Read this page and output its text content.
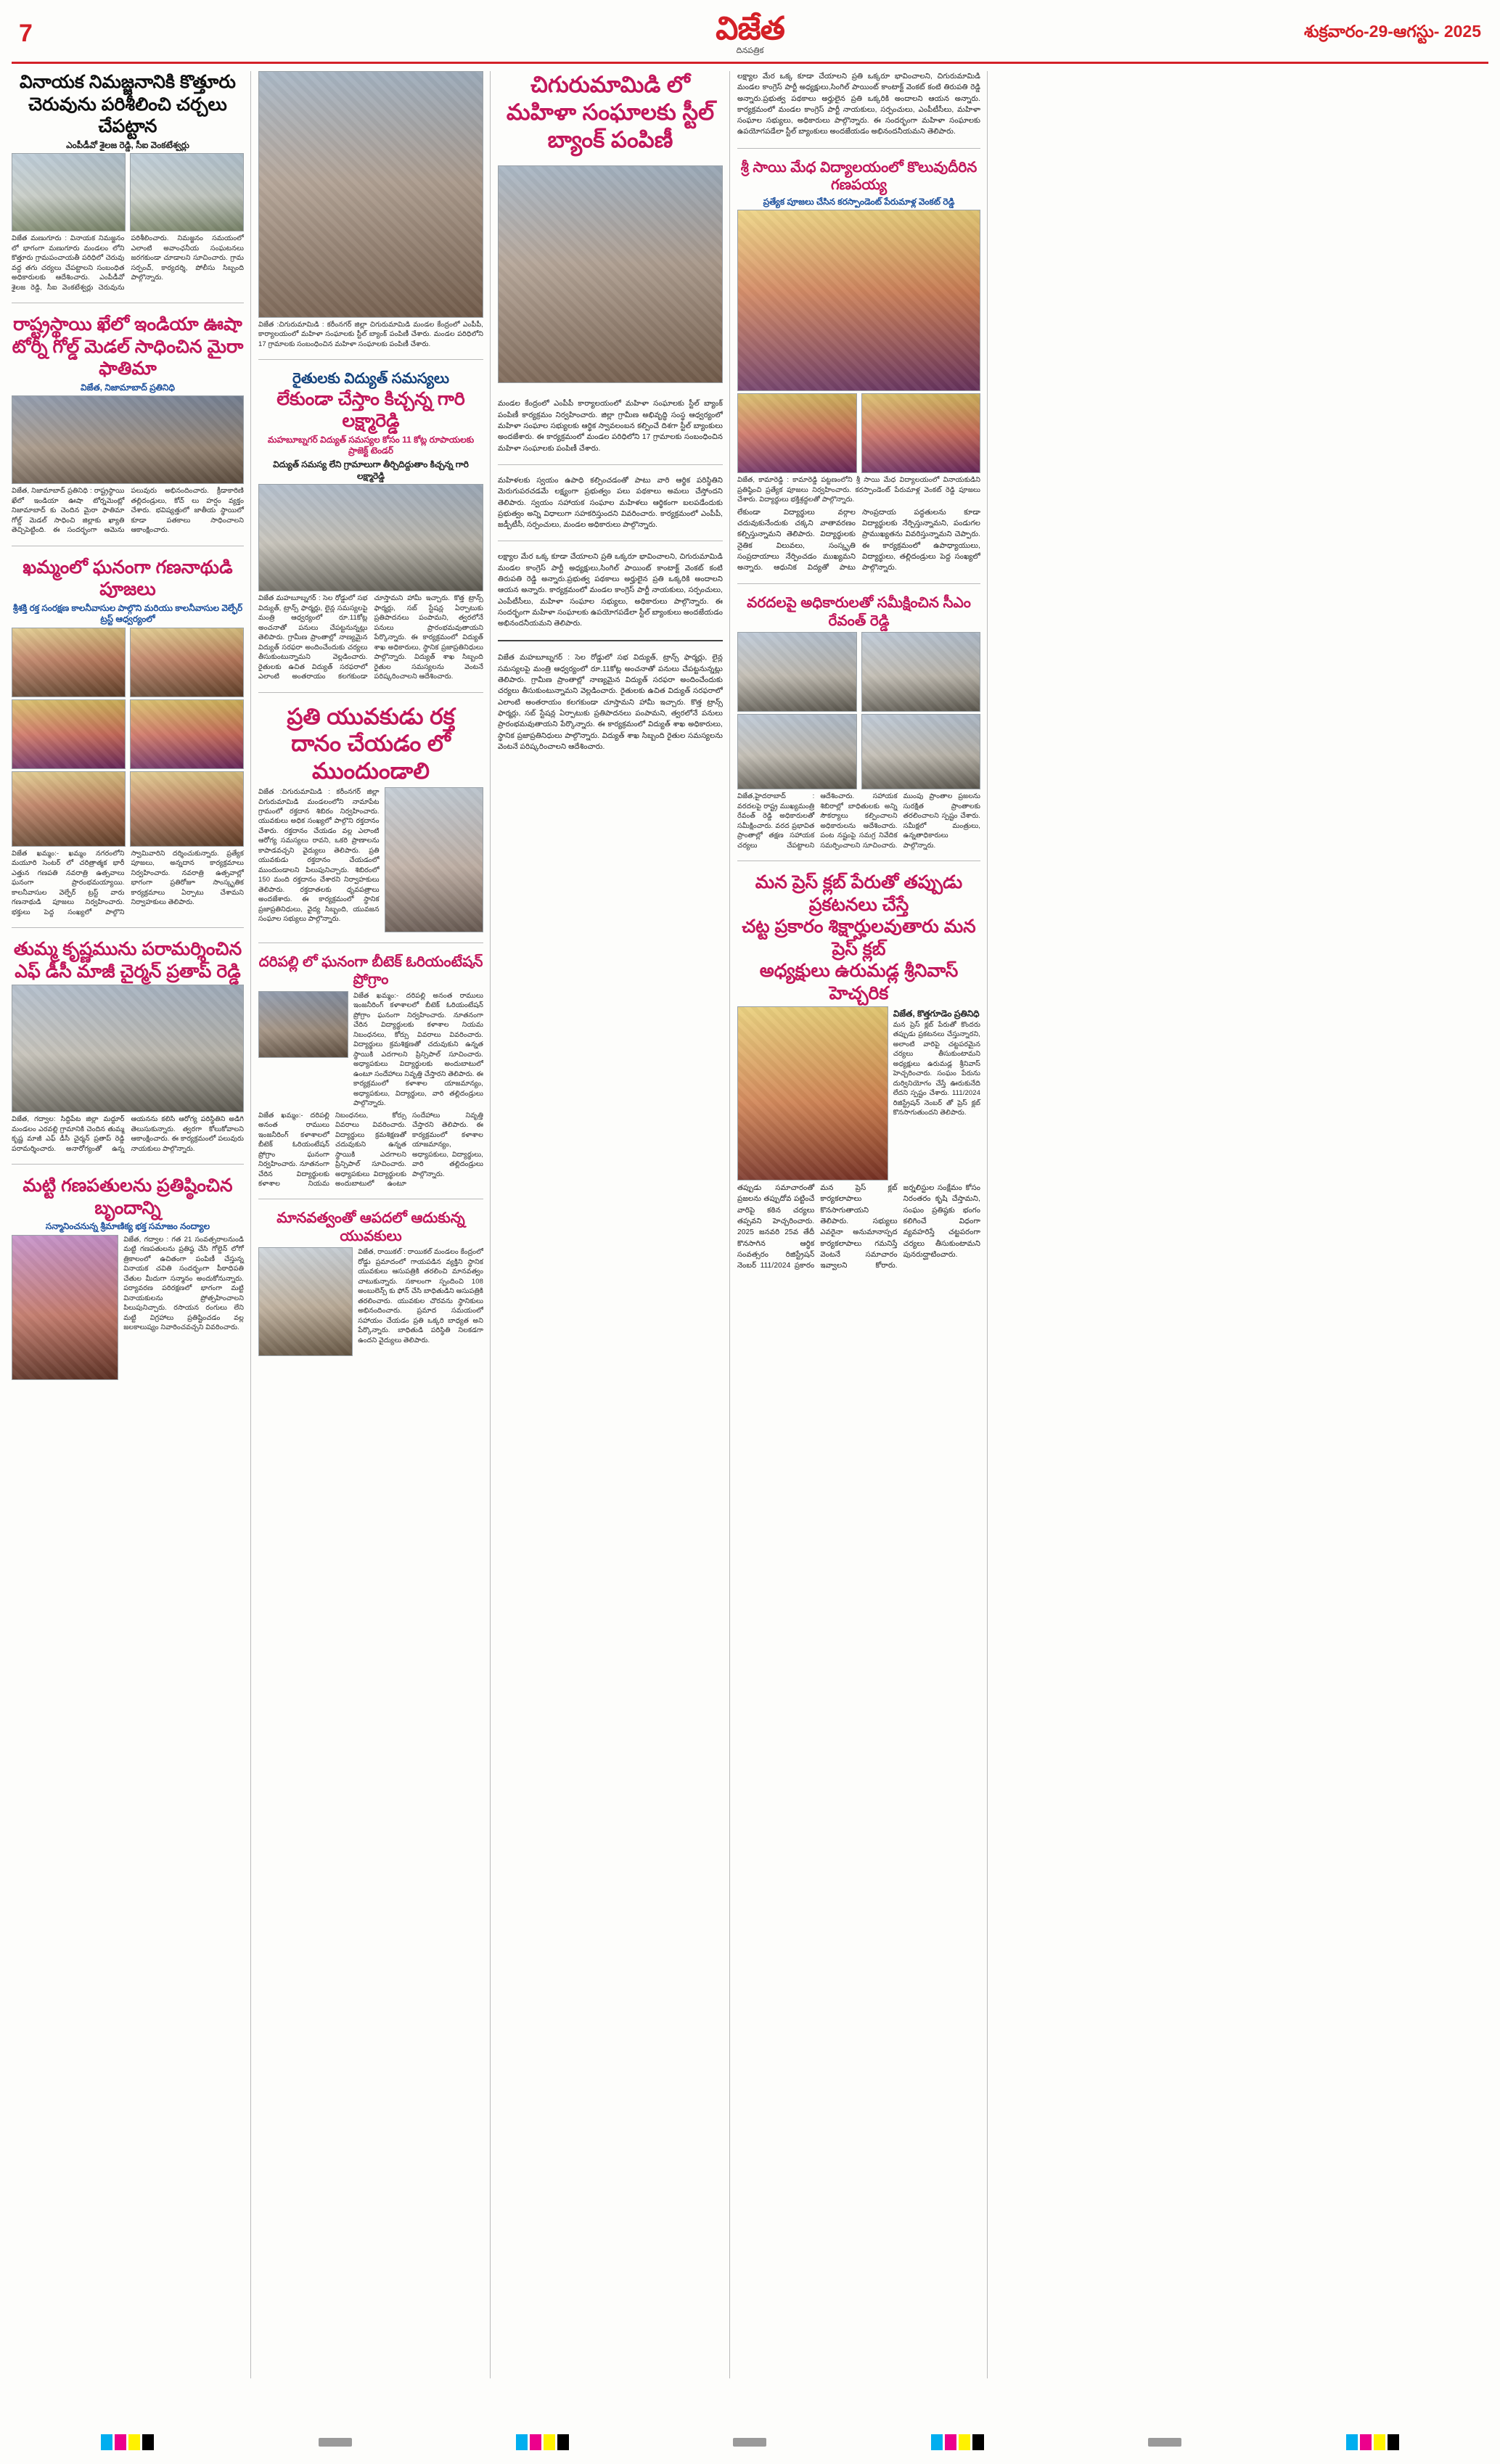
7	విజేత
దినపత్రిక
శుక్రవారం-29-ఆగస్టు- 2025
వినాయక నిమజ్జనానికి కొత్తూరు
చెరువును పరిశీలించి చర్చలు చేపట్టాన
ఎంపీడీవో శైలజ రెడ్డి, సీఐ వెంకటేశ్వర్లు
విజేత మణుగూరు : వినాయక నిమజ్జనం లో భాగంగా మణుగూరు మండలం లోని కొత్తూరు గ్రామపంచాయతీ పరిధిలో చెరువు వద్ద తగు చర్యలు చేపట్టాలని సంబంధిత అధికారులకు ఆదేశించారు. ఎంపీడీవో శైలజ రెడ్డి, సీఐ వెంకటేశ్వర్లు చెరువును పరిశీలించారు. నిమజ్జనం సమయంలో ఎలాంటి అవాంఛనీయ సంఘటనలు జరగకుండా చూడాలని సూచించారు. గ్రామ సర్పంచ్, కార్యదర్శి, పోలీసు సిబ్బంది పాల్గొన్నారు.
రాష్ట్రస్థాయి ఖేలో ఇండియా ఊషా
టోర్నీ గోల్డ్ మెడల్ సాధించిన మైరా ఫాతిమా
విజేత, నిజామాబాద్ ప్రతినిధి
విజేత, నిజామాబాద్ ప్రతినిధి : రాష్ట్రస్థాయి ఖేలో ఇండియా ఊషా టోర్నమెంట్లో నిజామాబాద్ కు చెందిన మైరా ఫాతిమా గోల్డ్ మెడల్ సాధించి జిల్లాకు ఖ్యాతి తెచ్చిపెట్టింది. ఈ సందర్భంగా ఆమెను పలువురు అభినందించారు. క్రీడాకారిణి తల్లిదండ్రులు, కోచ్ లు హర్షం వ్యక్తం చేశారు. భవిష్యత్తులో జాతీయ స్థాయిలో కూడా పతకాలు సాధించాలని ఆకాంక్షించారు.
ఖమ్మంలో ఘనంగా గణనాథుడి పూజలు
శ్రీశక్తి రక్త సంరక్షణ కాలనీవాసుల పాల్గొని మరియు కాలనీవాసుల వెల్ఫేర్ ట్రస్ట్ ఆధ్వర్యంలో
విజేత ఖమ్మం:- ఖమ్మం నగరంలోని మయూరి సెంటర్ లో చరిత్రాత్మక భారీ ఎత్తున గణపతి నవరాత్రి ఉత్సవాలు ఘనంగా ప్రారంభమయ్యాయి. కాలనీవాసుల వెల్ఫేర్ ట్రస్ట్ వారు గణనాథుడి పూజలు నిర్వహించారు. భక్తులు పెద్ద సంఖ్యలో పాల్గొని స్వామివారిని దర్శించుకున్నారు. ప్రత్యేక పూజలు, అన్నదాన కార్యక్రమాలు నిర్వహించారు. నవరాత్రి ఉత్సవాల్లో భాగంగా ప్రతిరోజూ సాంస్కృతిక కార్యక్రమాలు ఏర్పాటు చేశామని నిర్వాహకులు తెలిపారు.
తుమ్మ కృష్ణమును పరామర్శించిన
ఎఫ్ డీసీ మాజీ చైర్మన్ ప్రతాప్ రెడ్డి
విజేత, గద్వాల: సిద్దిపేట జిల్లా మద్దూర్ మండలం ఎరవల్లి గ్రామానికి చెందిన తుమ్మ కృష్ణ మాజీ ఎఫ్ డీసీ చైర్మన్ ప్రతాప్ రెడ్డి పరామర్శించారు. అనారోగ్యంతో ఉన్న ఆయనను కలిసి ఆరోగ్య పరిస్థితిని అడిగి తెలుసుకున్నారు. త్వరగా కోలుకోవాలని ఆకాంక్షించారు. ఈ కార్యక్రమంలో పలువురు నాయకులు పాల్గొన్నారు.
మట్టి గణపతులను ప్రతిష్ఠించిన బృందాన్ని
సన్మానించనున్న శ్రీమాణిక్య భక్త సమాజం నంద్యాల
విజేత, గద్వాల : గత 21 సంవత్సరాలనుండి మట్టి గణపతులను ప్రతిష్ఠ చేసి గోల్డెన్ లోగో త్రికాలంలో ఉచితంగా పంపిణీ చేస్తున్న వినాయక చవితి సందర్భంగా పీఠాధిపతి చేతుల మీదుగా సన్మానం అందుకోనున్నారు. పర్యావరణ పరిరక్షణలో భాగంగా మట్టి వినాయకులను ప్రోత్సహించాలని పిలుపునిచ్చారు. రసాయన రంగులు లేని మట్టి విగ్రహాలు ప్రతిష్టించడం వల్ల జలకాలుష్యం నివారించవచ్చని వివరించారు.
విజేత :చిగురుమామిడి : కరీంనగర్ జిల్లా చిగురుమామిడి మండల కేంద్రంలో ఎంపీపీ, కార్యాలయంలో మహిళా సంఘాలకు స్టీల్ బ్యాంక్ పంపిణీ చేశారు. మండల పరిధిలోని 17 గ్రామాలకు సంబంధించిన మహిళా సంఘాలకు పంపిణీ చేశారు.
రైతులకు విద్యుత్ సమస్యలు
లేకుండా చేస్తాం కిచ్చన్న గారి లక్ష్మారెడ్డి
మహబూబ్నగర్ విద్యుత్ సమస్యల కోసం 11 కోట్ల రూపాయలకు ప్రాజెక్ట్ టెండర్
విద్యుత్ సమస్య లేని గ్రామాలుగా తీర్చిదిద్దుతాం కిచ్చన్న గారి లక్ష్మారెడ్డి
విజేత మహబూబ్నగర్ : సెల రోడ్డులో సభ విద్యుత్, ట్రాన్స్ ఫార్మర్లు, లైన్ల సమస్యలపై మంత్రి ఆధ్వర్యంలో రూ.11కోట్ల అంచనాతో పనులు చేపట్టనున్నట్లు తెలిపారు. గ్రామీణ ప్రాంతాల్లో నాణ్యమైన విద్యుత్ సరఫరా అందించేందుకు చర్యలు తీసుకుంటున్నామని వెల్లడించారు. రైతులకు ఉచిత విద్యుత్ సరఫరాలో ఎలాంటి అంతరాయం కలగకుండా చూస్తామని హామీ ఇచ్చారు. కొత్త ట్రాన్స్ ఫార్మర్లు, సబ్ స్టేషన్ల ఏర్పాటుకు ప్రతిపాదనలు పంపామని, త్వరలోనే పనులు ప్రారంభమవుతాయని పేర్కొన్నారు. ఈ కార్యక్రమంలో విద్యుత్ శాఖ అధికారులు, స్థానిక ప్రజాప్రతినిధులు పాల్గొన్నారు. విద్యుత్ శాఖ సిబ్బంది రైతుల సమస్యలను వెంటనే పరిష్కరించాలని ఆదేశించారు.
ప్రతి యువకుడు రక్త
దానం చేయడం లో ముందుండాలి
విజేత :చిగురుమామిడి : కరీంనగర్ జిల్లా చిగురుమామిడి మండలంలోని నామాపేట గ్రామంలో రక్తదాన శిబిరం నిర్వహించారు. యువకులు అధిక సంఖ్యలో పాల్గొని రక్తదానం చేశారు. రక్తదానం చేయడం వల్ల ఎలాంటి ఆరోగ్య సమస్యలు రావని, ఒకరి ప్రాణాలను కాపాడవచ్చని వైద్యులు తెలిపారు. ప్రతి యువకుడు రక్తదానం చేయడంలో ముందుండాలని పిలుపునిచ్చారు. శిబిరంలో 150 మంది రక్తదానం చేశారని నిర్వాహకులు తెలిపారు. రక్తదాతలకు ధృవపత్రాలు అందజేశారు. ఈ కార్యక్రమంలో స్థానిక ప్రజాప్రతినిధులు, వైద్య సిబ్బంది, యువజన సంఘాల సభ్యులు పాల్గొన్నారు.
దరిపల్లి లో ఘనంగా బీటెక్ ఓరియంటేషన్ ప్రోగ్రాం
విజేత ఖమ్మం:- దరిపల్లి అనంత రాములు ఇంజనీరింగ్ కళాశాలలో బీటెక్ ఓరియంటేషన్ ప్రోగ్రాం ఘనంగా నిర్వహించారు. నూతనంగా చేరిన విద్యార్థులకు కళాశాల నియమ నిబంధనలు, కోర్సు వివరాలు వివరించారు. విద్యార్థులు క్రమశిక్షణతో చదువుకుని ఉన్నత స్థాయికి ఎదగాలని ప్రిన్సిపాల్ సూచించారు. అధ్యాపకులు విద్యార్థులకు అందుబాటులో ఉంటూ సందేహాలు నివృత్తి చేస్తారని తెలిపారు. ఈ కార్యక్రమంలో కళాశాల యాజమాన్యం, అధ్యాపకులు, విద్యార్థులు, వారి తల్లిదండ్రులు పాల్గొన్నారు.
విజేత ఖమ్మం:- దరిపల్లి అనంత రాములు ఇంజనీరింగ్ కళాశాలలో బీటెక్ ఓరియంటేషన్ ప్రోగ్రాం ఘనంగా నిర్వహించారు. నూతనంగా చేరిన విద్యార్థులకు కళాశాల నియమ నిబంధనలు, కోర్సు వివరాలు వివరించారు. విద్యార్థులు క్రమశిక్షణతో చదువుకుని ఉన్నత స్థాయికి ఎదగాలని ప్రిన్సిపాల్ సూచించారు. అధ్యాపకులు విద్యార్థులకు అందుబాటులో ఉంటూ సందేహాలు నివృత్తి చేస్తారని తెలిపారు. ఈ కార్యక్రమంలో కళాశాల యాజమాన్యం, అధ్యాపకులు, విద్యార్థులు, వారి తల్లిదండ్రులు పాల్గొన్నారు.
మానవత్వంతో ఆపదలో ఆదుకున్న యువకులు
విజేత, రాయికల్ : రాయికల్ మండలం కేంద్రంలో రోడ్డు ప్రమాదంలో గాయపడిన వ్యక్తిని స్థానిక యువకులు ఆసుపత్రికి తరలించి మానవత్వం చాటుకున్నారు. సకాలంగా స్పందించి 108 అంబులెన్స్ కు ఫోన్ చేసి బాధితుడిని ఆసుపత్రికి తరలించారు. యువకుల చొరవను స్థానికులు అభినందించారు. ప్రమాద సమయంలో సహాయం చేయడం ప్రతి ఒక్కరి బాధ్యత అని పేర్కొన్నారు. బాధితుడి పరిస్థితి నిలకడగా ఉందని వైద్యులు తెలిపారు.
చిగురుమామిడి లో మహిళా సంఘాలకు స్టీల్ బ్యాంక్ పంపిణీ
మండల కేంద్రంలో ఎంపీపీ కార్యాలయంలో మహిళా సంఘాలకు స్టీల్ బ్యాంక్ పంపిణీ కార్యక్రమం నిర్వహించారు. జిల్లా గ్రామీణ అభివృద్ధి సంస్థ ఆధ్వర్యంలో మహిళా సంఘాల సభ్యులకు ఆర్థిక స్వావలంబన కల్పించే దిశగా స్టీల్ బ్యాంకులు అందజేశారు. ఈ కార్యక్రమంలో మండల పరిధిలోని 17 గ్రామాలకు సంబంధించిన మహిళా సంఘాలకు పంపిణీ చేశారు.
మహిళలకు స్వయం ఉపాధి కల్పించడంతో పాటు వారి ఆర్థిక పరిస్థితిని మెరుగుపరచడమే లక్ష్యంగా ప్రభుత్వం పలు పథకాలు అమలు చేస్తోందని తెలిపారు. స్వయం సహాయక సంఘాల మహిళలు ఆర్థికంగా బలపడేందుకు ప్రభుత్వం అన్ని విధాలుగా సహకరిస్తుందని వివరించారు. కార్యక్రమంలో ఎంపీపీ, జడ్పీటీసీ, సర్పంచులు, మండల అధికారులు పాల్గొన్నారు.
లక్ష్యాల మేర ఒక్క కూడా చేయాలని ప్రతి ఒక్కరూ భావించాలని, చిగురుమామిడి మండల కాంగ్రెస్ పార్టీ అధ్యక్షులు,సింగిల్ పాయింట్ కాంటాక్ట్ వెంకట్ కంటి తిరుపతి రెడ్డి అన్నారు.ప్రభుత్వ పథకాలు అర్హులైన ప్రతి ఒక్కరికి అందాలని ఆయన అన్నారు. కార్యక్రమంలో మండల కాంగ్రెస్ పార్టీ నాయకులు, సర్పంచులు, ఎంపీటీసీలు, మహిళా సంఘాల సభ్యులు, అధికారులు పాల్గొన్నారు. ఈ సందర్భంగా మహిళా సంఘాలకు ఉపయోగపడేలా స్టీల్ బ్యాంకులు అందజేయడం అభినందనీయమని తెలిపారు.
విజేత మహబూబ్నగర్ : సెల రోడ్డులో సభ విద్యుత్, ట్రాన్స్ ఫార్మర్లు, లైన్ల సమస్యలపై మంత్రి ఆధ్వర్యంలో రూ.11కోట్ల అంచనాతో పనులు చేపట్టనున్నట్లు తెలిపారు. గ్రామీణ ప్రాంతాల్లో నాణ్యమైన విద్యుత్ సరఫరా అందించేందుకు చర్యలు తీసుకుంటున్నామని వెల్లడించారు. రైతులకు ఉచిత విద్యుత్ సరఫరాలో ఎలాంటి అంతరాయం కలగకుండా చూస్తామని హామీ ఇచ్చారు. కొత్త ట్రాన్స్ ఫార్మర్లు, సబ్ స్టేషన్ల ఏర్పాటుకు ప్రతిపాదనలు పంపామని, త్వరలోనే పనులు ప్రారంభమవుతాయని పేర్కొన్నారు. ఈ కార్యక్రమంలో విద్యుత్ శాఖ అధికారులు, స్థానిక ప్రజాప్రతినిధులు పాల్గొన్నారు. విద్యుత్ శాఖ సిబ్బంది రైతుల సమస్యలను వెంటనే పరిష్కరించాలని ఆదేశించారు.
లక్ష్యాల మేర ఒక్క కూడా చేయాలని ప్రతి ఒక్కరూ భావించాలని, చిగురుమామిడి మండల కాంగ్రెస్ పార్టీ అధ్యక్షులు,సింగిల్ పాయింట్ కాంటాక్ట్ వెంకట్ కంటి తిరుపతి రెడ్డి అన్నారు.ప్రభుత్వ పథకాలు అర్హులైన ప్రతి ఒక్కరికి అందాలని ఆయన అన్నారు. కార్యక్రమంలో మండల కాంగ్రెస్ పార్టీ నాయకులు, సర్పంచులు, ఎంపీటీసీలు, మహిళా సంఘాల సభ్యులు, అధికారులు పాల్గొన్నారు. ఈ సందర్భంగా మహిళా సంఘాలకు ఉపయోగపడేలా స్టీల్ బ్యాంకులు అందజేయడం అభినందనీయమని తెలిపారు.
శ్రీ సాయి మేధ విద్యాలయంలో కొలువుదీరిన గణపయ్య
ప్రత్యేక పూజలు చేసిన కరస్పాండెంట్ పేరుమాళ్ల వెంకట్ రెడ్డి
విజేత, కామారెడ్డి : కామారెడ్డి పట్టణంలోని శ్రీ సాయి మేధ విద్యాలయంలో వినాయకుడిని ప్రతిష్ఠించి ప్రత్యేక పూజలు నిర్వహించారు. కరస్పాండెంట్ పేరుమాళ్ల వెంకట్ రెడ్డి పూజలు చేశారు. విద్యార్థులు భక్తిశ్రద్ధలతో పాల్గొన్నారు.
లేకుండా విద్యార్థులు వర్గాల చదువుకునేందుకు చక్కని వాతావరణం కల్పిస్తున్నామని తెలిపారు. విద్యార్థులకు నైతిక విలువలు, సంస్కృతి సంప్రదాయాలు నేర్పించడం ముఖ్యమని అన్నారు. ఆధునిక విద్యతో పాటు సాంప్రదాయ పద్ధతులను కూడా విద్యార్థులకు నేర్పిస్తున్నామని, పండుగల ప్రాముఖ్యతను వివరిస్తున్నామని చెప్పారు. ఈ కార్యక్రమంలో ఉపాధ్యాయులు, విద్యార్థులు, తల్లిదండ్రులు పెద్ద సంఖ్యలో పాల్గొన్నారు.
వరదలపై అధికారులతో సమీక్షించిన సీఎం రేవంత్ రెడ్డి
విజేత,హైదరాబాద్ : వరదలపై రాష్ట్ర ముఖ్యమంత్రి రేవంత్ రెడ్డి అధికారులతో సమీక్షించారు. వరద ప్రభావిత ప్రాంతాల్లో తక్షణ సహాయక చర్యలు చేపట్టాలని ఆదేశించారు. సహాయక శిబిరాల్లో బాధితులకు అన్ని సౌకర్యాలు కల్పించాలని అధికారులను ఆదేశించారు. పంట నష్టంపై సమగ్ర నివేదిక సమర్పించాలని సూచించారు. ముంపు ప్రాంతాల ప్రజలను సురక్షిత ప్రాంతాలకు తరలించాలని స్పష్టం చేశారు. సమీక్షలో మంత్రులు, ఉన్నతాధికారులు పాల్గొన్నారు.
మన ప్రెస్ క్లబ్ పేరుతో తప్పుడు ప్రకటనలు చేస్తే
చట్ట ప్రకారం శిక్షార్హులవుతారు మన ప్రెస్ క్లబ్
అధ్యక్షులు ఉరుమడ్ల శ్రీనివాస్ హెచ్చరిక
విజేత, కొత్తగూడెం ప్రతినిధి
మన ప్రెస్ క్లబ్ పేరుతో కొందరు తప్పుడు ప్రకటనలు చేస్తున్నారని, అలాంటి వారిపై చట్టపరమైన చర్యలు తీసుకుంటామని అధ్యక్షులు ఉరుమడ్ల శ్రీనివాస్ హెచ్చరించారు. సంఘం పేరును దుర్వినియోగం చేస్తే ఊరుకునేది లేదని స్పష్టం చేశారు. 111/2024 రిజిస్ట్రేషన్ నెంబర్ తో ప్రెస్ క్లబ్ కొనసాగుతుందని తెలిపారు.
తప్పుడు సమాచారంతో ప్రజలను తప్పుదోవ పట్టించే వారిపై కఠిన చర్యలు తప్పవని హెచ్చరించారు. 2025 జనవరి 25వ తేదీ కొనసాగిన ఆర్థిక సంవత్సరం రిజిస్ట్రేషన్ నెంబర్ 111/2024 ప్రకారం మన ప్రెస్ క్లబ్ కార్యకలాపాలు కొనసాగుతాయని తెలిపారు. సభ్యులు ఎవరైనా అనుమానాస్పద కార్యకలాపాలు గమనిస్తే వెంటనే సమాచారం ఇవ్వాలని కోరారు. జర్నలిస్టుల సంక్షేమం కోసం నిరంతరం కృషి చేస్తామని, సంఘం ప్రతిష్ఠకు భంగం కలిగించే విధంగా వ్యవహరిస్తే చట్టపరంగా చర్యలు తీసుకుంటామని పునరుద్ఘాటించారు.
